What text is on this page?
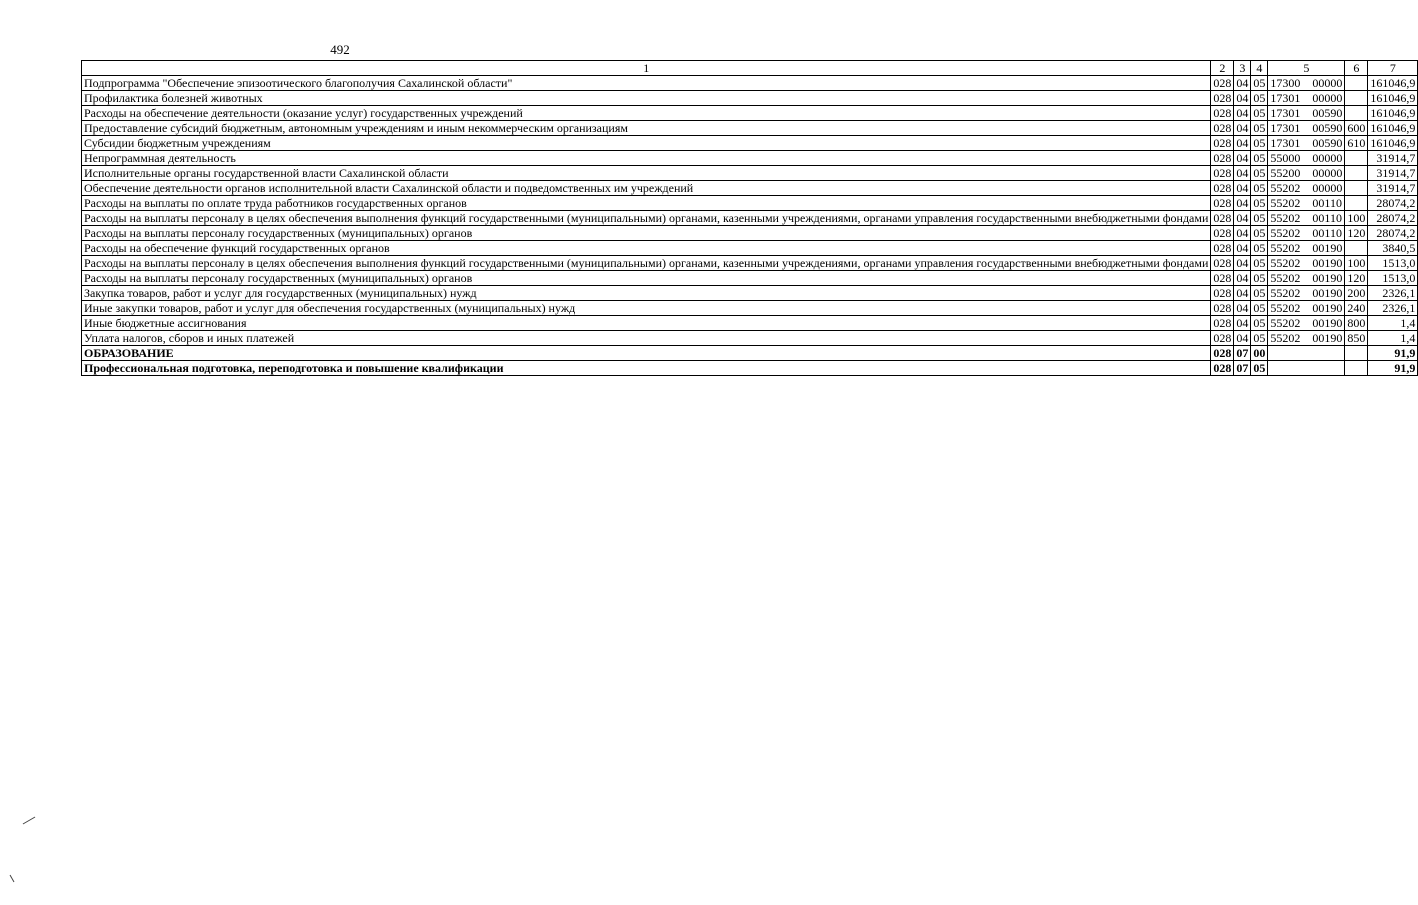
492
1	2	3	4	5	6	7
Подпрограмма "Обеспечение эпизоотического благополучия Сахалинской области"	028	04	05	17300 00000		161046,9
Профилактика болезней животных	028	04	05	17301 00000		161046,9
Расходы на обеспечение деятельности (оказание услуг) государственных учреждений	028	04	05	17301 00590		161046,9
Предоставление субсидий бюджетным, автономным учреждениям и иным некоммерческим организациям	028	04	05	17301 00590	600	161046,9
Субсидии бюджетным учреждениям	028	04	05	17301 00590	610	161046,9
Непрограммная деятельность	028	04	05	55000 00000		31914,7
Исполнительные органы государственной власти Сахалинской области	028	04	05	55200 00000		31914,7
Обеспечение деятельности органов исполнительной власти Сахалинской области и подведомственных им учреждений	028	04	05	55202 00000		31914,7
Расходы на выплаты по оплате труда работников государственных органов	028	04	05	55202 00110		28074,2
Расходы на выплаты персоналу в целях обеспечения выполнения функций государственными (муниципальными) органами, казенными учреждениями, органами управления государственными внебюджетными фондами	028	04	05	55202 00110	100	28074,2
Расходы на выплаты персоналу государственных (муниципальных) органов	028	04	05	55202 00110	120	28074,2
Расходы на обеспечение функций государственных органов	028	04	05	55202 00190		3840,5
Расходы на выплаты персоналу в целях обеспечения выполнения функций государственными (муниципальными) органами, казенными учреждениями, органами управления государственными внебюджетными фондами	028	04	05	55202 00190	100	1513,0
Расходы на выплаты персоналу государственных (муниципальных) органов	028	04	05	55202 00190	120	1513,0
Закупка товаров, работ и услуг для государственных (муниципальных) нужд	028	04	05	55202 00190	200	2326,1
Иные закупки товаров, работ и услуг для обеспечения государственных (муниципальных) нужд	028	04	05	55202 00190	240	2326,1
Иные бюджетные ассигнования	028	04	05	55202 00190	800	1,4
Уплата налогов, сборов и иных платежей	028	04	05	55202 00190	850	1,4
ОБРАЗОВАНИЕ	028	07	00			91,9
Профессиональная подготовка, переподготовка и повышение квалификации	028	07	05			91,9
